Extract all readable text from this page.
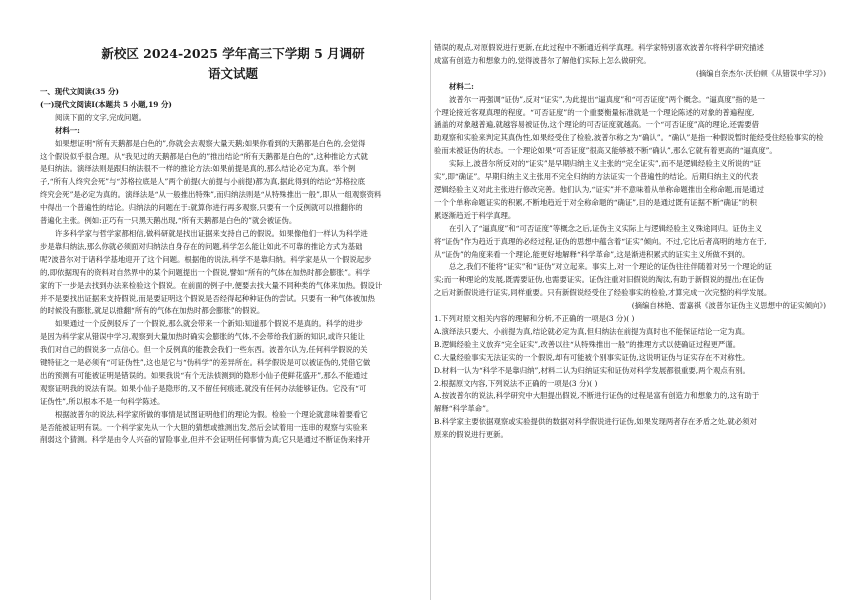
新校区 2024-2025 学年高三下学期 5 月调研
语文试题
一、现代文阅读(35 分)
(一)现代文阅读Ⅰ(本题共 5 小题,19 分)
阅读下面的文字,完成问题。
材料一:
如果想证明“所有天鹅都是白色的”,你就会去观察大量天鹅;如果你看到的天鹅都是白色的,会觉得
这个假说似乎很合理。从“我见过的天鹅都是白色的”推出结论“所有天鹅都是白色的”,这种推论方式就
是归纳法。演绎法则是跟归纳法很不一样的推论方法:如果前提是真的,那么结论必定为真。举个例
子,“所有人终究会死”与“苏格拉底是人”两个前提(大前提与小前提)都为真,据此得到的结论“苏格拉底
终究会死”是必定为真的。演绎法是“从一般推出特殊”,而归纳法则是“从特殊推出一般”,即从一组观察资料
中得出一个普遍性的结论。归纳法的问题在于:就算你进行再多观察,只要有一个反例就可以推翻你的
普遍化主张。例如:正巧有一只黑天鹅出现,“所有天鹅都是白色的”就会被证伪。
许多科学家与哲学家都相信,做科研就是找出证据来支持自己的假说。如果像他们一样认为科学进
步是靠归纳法,那么你就必须面对归纳法自身存在的问题,科学怎么能让如此不可靠的推论方式为基础
呢?波普尔对于诸科学基地迎开了这个问题。根据他的说法,科学不是靠归纳。科学家是从一个假说起步
的,即依据现有的资料对自然界中的某个问题提出一个假说,譬如“所有的气体在加热时都会膨胀”。科学
家的下一步是去找到办法来检验这个假说。在前面的例子中,便要去找大量不同种类的气体来加热。假设计
并不是要找出证据来支持假说,而是要证明这个假说是否经得起种种证伪的尝试。只要有一种气体被加热
的时候没有膨胀,就足以推翻“所有的气体在加热时都会膨胀”的假说。
如果通过一个反例驳斥了一个假说,那么就会带来一个新知:知道那个假说不是真的。科学的进步
是因为科学家从错误中学习,观察到大量加热时确实会膨胀的气体,不会带给我们新的知识,或许只能让
我们对自己的假说多一点信心。但一个反例真的能教会我们一些东西。波普尔认为,任何科学假说的关
键特征之一是必须有“可证伪性”,这也是它与“伪科学”的差异所在。科学假说是可以被证伪的,凭借它做
出的预测有可能被证明是错误的。如果我说“有个无法侦测到的隐形小仙子使鲜花盛开”,那么不能通过
观察证明我的说法有误。如果小仙子是隐形的,又不留任何痕迹,就没有任何办法能够证伪。它没有“可
证伪性”,所以根本不是一句科学陈述。
根据波普尔的说法,科学家所做的事情是试图证明他们的理论为假。检验一个理论就意味着要看它
是否能被证明有误。一个科学家先从一个大胆的猜想或推测出发,然后会试着用一连串的观察与实验来
削弱这个猜测。科学是由令人兴奋的冒险事业,但并不会证明任何事情为真;它只是通过不断证伪来排开
错误的观点,对原假说进行更新,在此过程中不断通近科学真理。科学家特别喜欢波普尔将科学研究描述
成富有创造力和想象力的,觉得波普尔了解他们实际上怎么做研究。
(摘编自奈杰尔·沃伯顿《从错误中学习》)
材料二:
波普尔一再强调“证伪”,反对“证实”,为此提出“逼真度”和“可否证度”两个概念。“逼真度”指的是一
个理论接近客观真理的程度。“可否证度”的一个重要衡量标准就是一个理论陈述的对象的普遍程度,
涵盖的对象越普遍,就越容易被证伪,这个理论的可否证度就越高。一个“可否证度”高的理论,还需要借
助观察和实验来判定其真伪性,如果经受住了检验,波普尔称之为“确认”。“确认”是指一种假说暂时能经受住经验事实的检
验而未被证伪的状态。一个理论如果“可否证度”很高又能够被不断“确认”,那么它就有着更高的“逼真度”。
实际上,波普尔所反对的“证实”是早期归纳主义主张的“完全证实”,而不是逻辑经验主义所说的“证
实”,即“确证”。早期归纳主义主张用不完全归纳的方法证实一个普遍性的结论。后期归纳主义的代表
逻辑经验主义对此主张进行修改完善。他们认为,“证实”并不意味着从单称命题推出全称命题,而是通过
一个个单称命题证实的积累,不断地趋近于对全称命题的“确证”,目的是通过既有证据不断“确证”的积
累逐渐趋近于科学真理。
在引入了“逼真度”和“可否证度”等概念之后,证伪主义实际上与逻辑经验主义殊途同归。证伪主义
将“证伪”作为趋近于真理的必经过程,证伪的思想中蕴含着“证实”倾向。不过,它比后者高明的地方在于,
从“证伪”的角度来看一个理论,能更好地解释“科学革命”,这是渐进积累式的证实主义所做不到的。
总之,我们不能将“证实”和“证伪”对立起来。事实上,对一个理论的证伪往往伴随着对另一个理论的证
实;而一种理论的发展,既需要证伪,也需要证实。证伪注重对旧假说的淘汰,有助于新假说的提出;在证伪
之后对新假说进行证实,同样重要。只有新假说经受住了经验事实的检验,才算完成一次完整的科学发展。
(摘编自林艳、雷嘉祺《波普尔证伪主义思想中的证实倾向》)
1.下列对原文相关内容的理解和分析,不正确的一项是(3 分)( )
A.演绎法只要大、小前提为真,结论就必定为真,但归纳法在前提为真时也不能保证结论一定为真。
B.逻辑经验主义放弃“完全证实”,改善以往“从特殊推出一般”的推理方式以使确证过程更严谨。
C.大量经验事实无法证实的一个假说,却有可能被个别事实证伪,这说明证伪与证实存在不对称性。
D.材料一认为“科学不是靠归纳”,材料二认为归纳证实和证伪对科学发展都很重要,两个观点有别。
2.根据原文内容,下列说法不正确的一项是(3 分)( )
A.按波普尔的说法,科学研究中大胆提出假说,不断进行证伪的过程是富有创造力和想象力的,这有助于
解释“科学革命”。
B.科学家主要依据观察或实验提供的数据对科学假说进行证伪,如果发现两者存在矛盾之处,就必须对
原来的假说进行更新。
